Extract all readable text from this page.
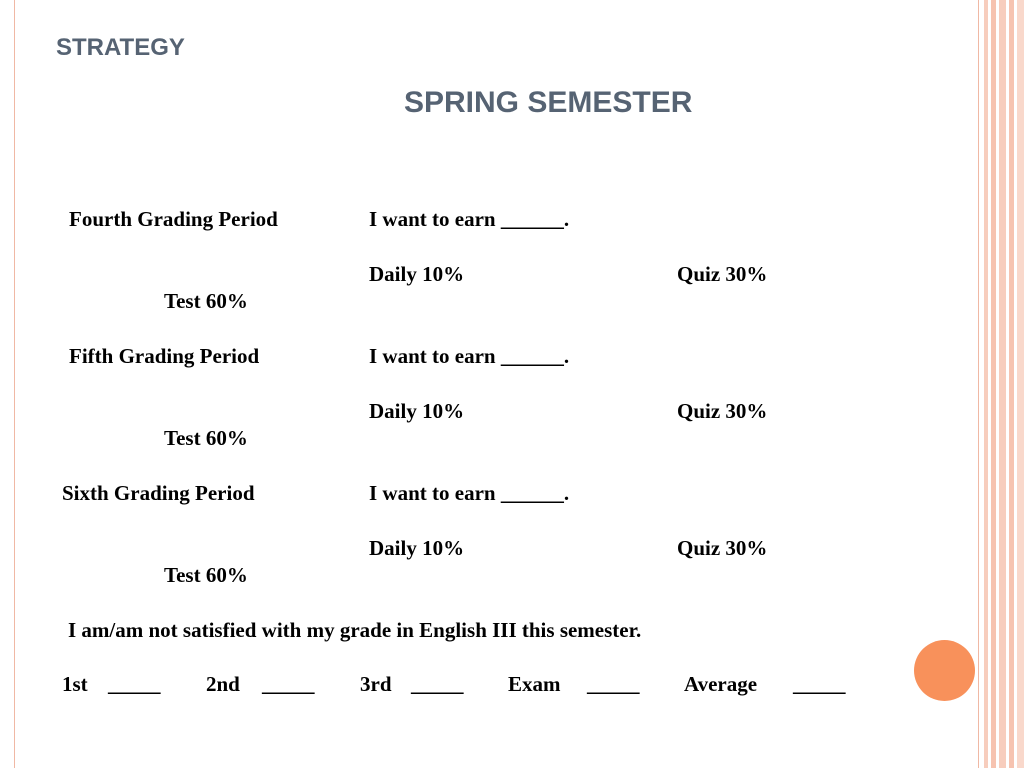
STRATEGY
SPRING SEMESTER
Fourth Grading Period	I want to earn ______.
Daily 10%	Quiz 30%
Test 60%
Fifth Grading Period	I want to earn ______.
Daily 10%	Quiz 30%
Test 60%
Sixth Grading Period	I want to earn ______.
Daily 10%	Quiz 30%
Test 60%
I am/am not satisfied with my grade in English III this semester.
1st _____ 2nd _____ 3rd _____ Exam _____ Average _____
